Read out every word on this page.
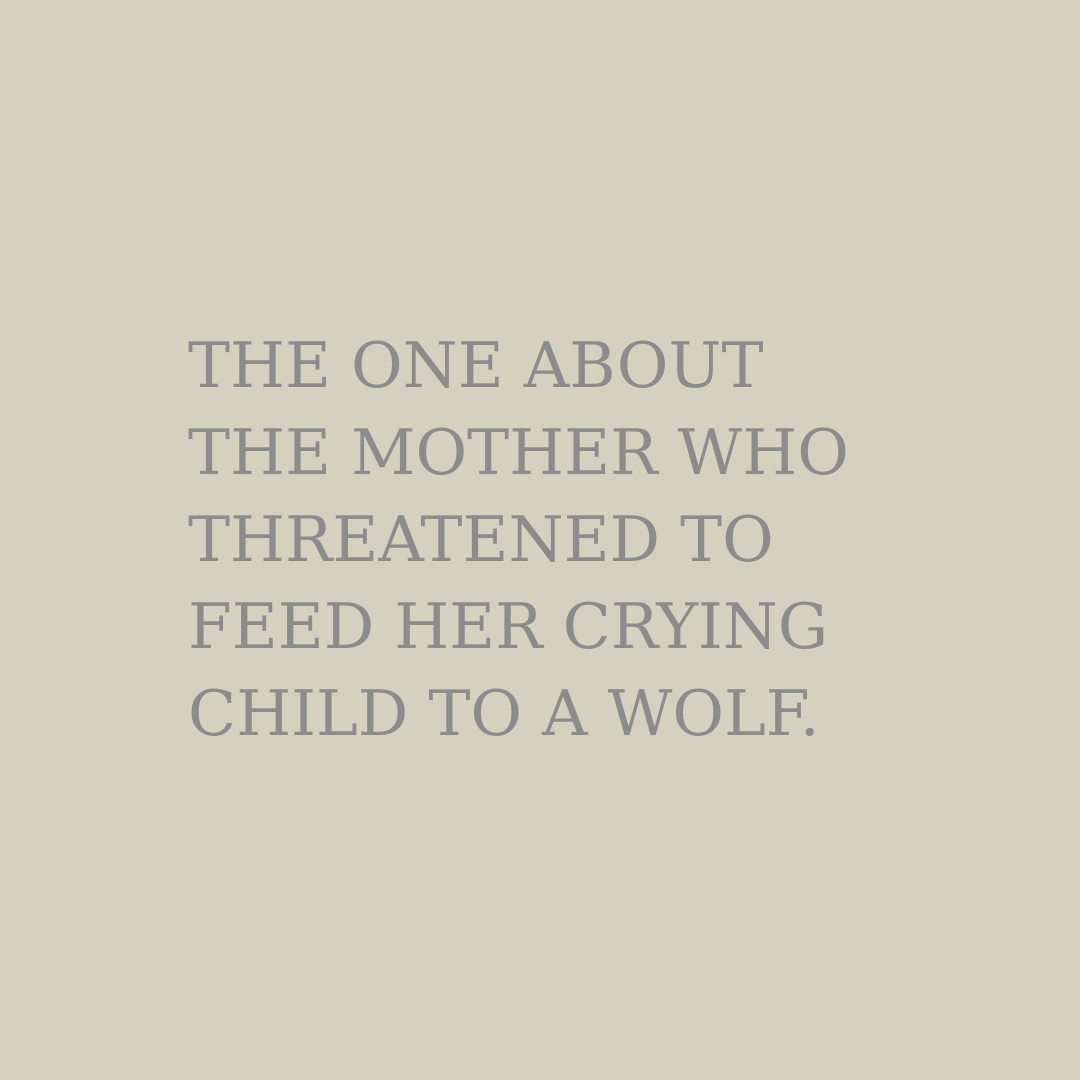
THE ONE ABOUT
THE MOTHER WHO
THREATENED TO
FEED HER CRYING
CHILD TO A WOLF.
